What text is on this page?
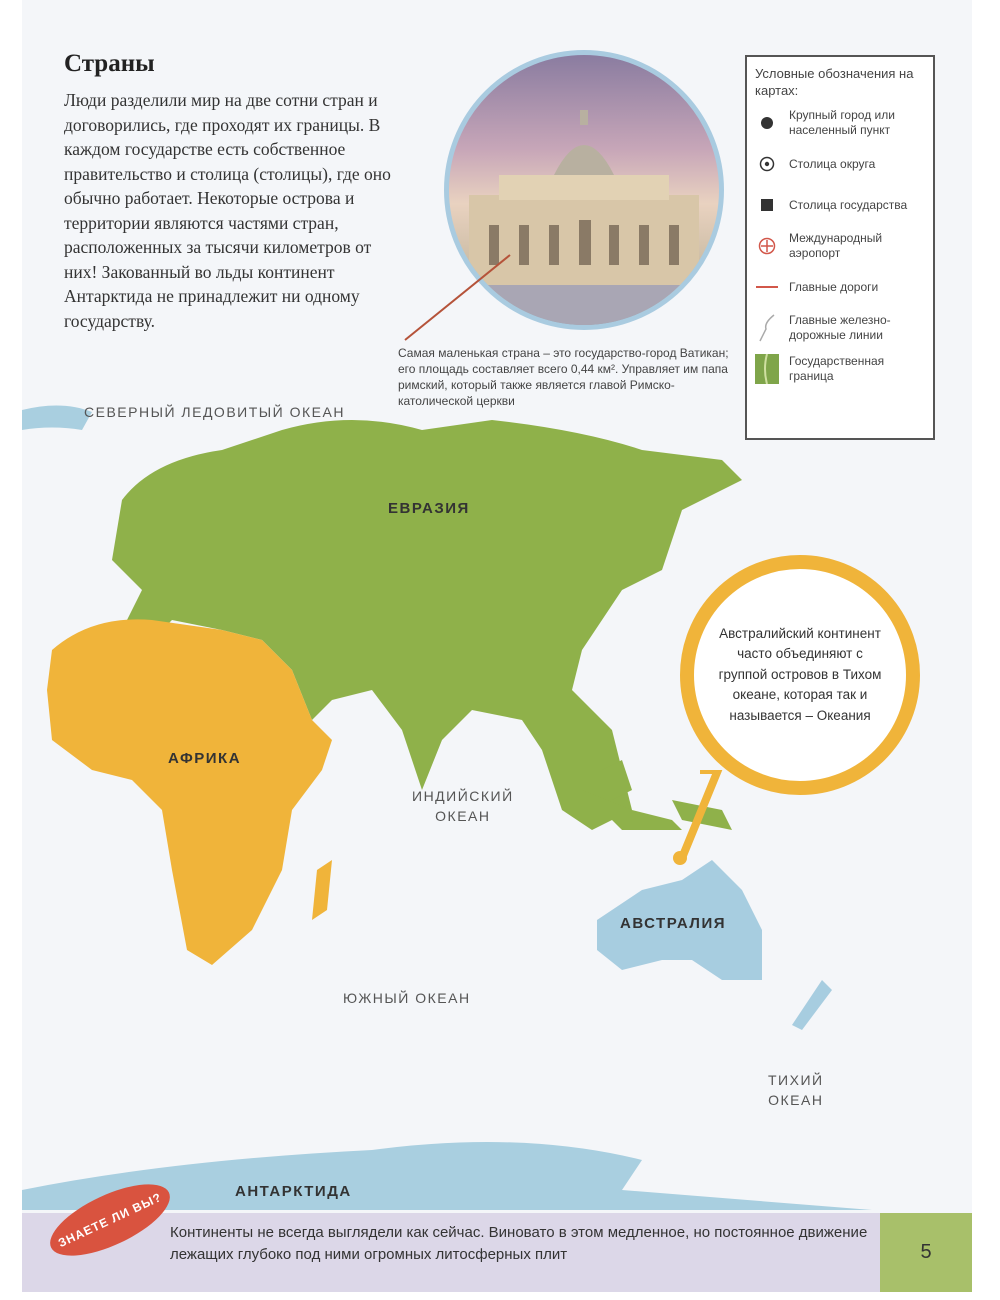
Страны
Люди разделили мир на две сотни стран и договорились, где проходят их границы. В каждом государстве есть собственное правительство и столица (столицы), где оно обычно работает. Некоторые острова и территории являются частями стран, расположенных за тысячи километров от них! Закованный во льды континент Антарктида не принадлежит ни одному государству.
Самая маленькая страна – это государство-город Ватикан; его площадь составляет всего 0,44 км². Управляет им папа римский, который также является главой Римско-католической церкви
Условные обозначения на картах:
Крупный город или населенный пункт
Столица округа
Столица государства
Международный аэропорт
Главные дороги
Главные железно-дорожные линии
Государственная граница
СЕВЕРНЫЙ ЛЕДОВИТЫЙ ОКЕАН
ЕВРАЗИЯ
АФРИКА
АВСТРАЛИЯ
АНТАРКТИДА
ИНДИЙСКИЙ
ОКЕАН
ЮЖНЫЙ ОКЕАН
ТИХИЙ
ОКЕАН
Австралийский континент часто объединяют с группой островов в Тихом океане, которая так и называется – Океания
ЗНАЕТЕ ЛИ ВЫ? Континенты не всегда выглядели как сейчас. Виновато в этом медленное, но постоянное движение лежащих глубоко под ними огромных литосферных плит	5
